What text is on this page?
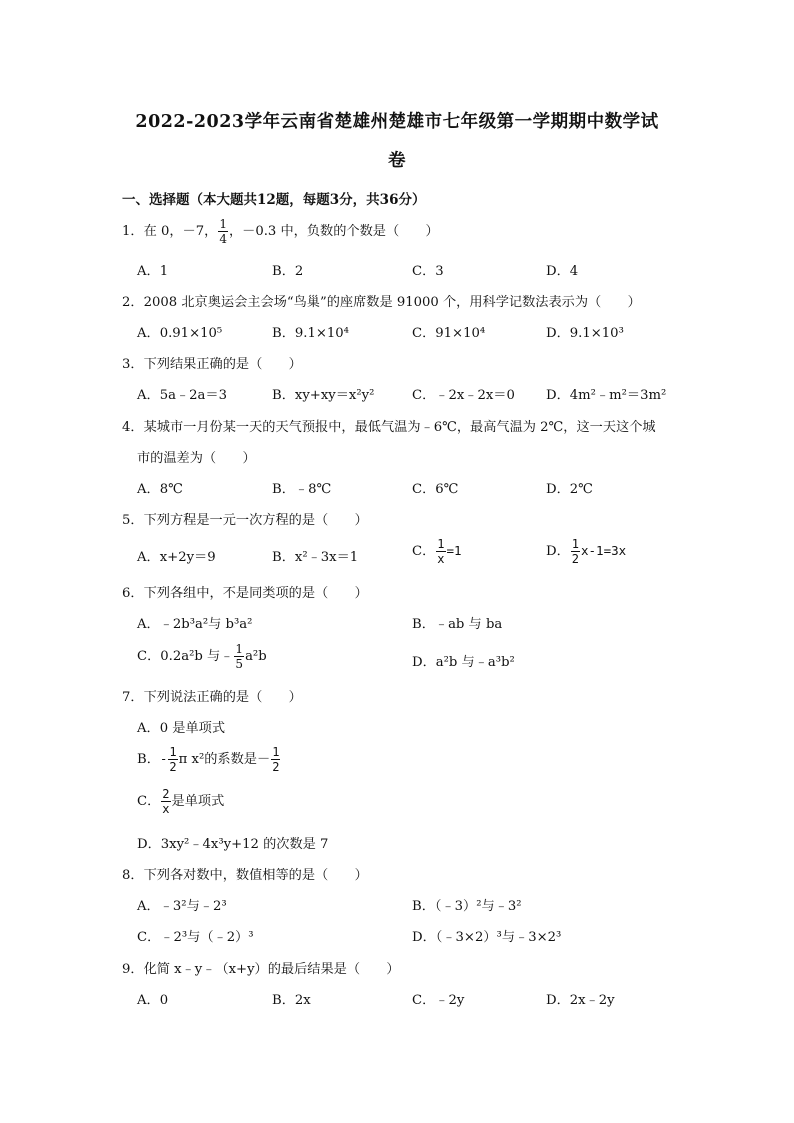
2022-2023学年云南省楚雄州楚雄市七年级第一学期期中数学试
卷
一、选择题（本大题共12题，每题3分，共36分）
1．在 0，－7， $\frac{1}{4}$ ，－0.3 中，负数的个数是（　　）
A．1	B．2	C．3	D．4
2．2008 北京奥运会主会场“鸟巢”的座席数是 91000 个，用科学记数法表示为（　　）
A．0.91×10⁵	B．9.1×10⁴	C．91×10⁴	D．9.1×10³
3．下列结果正确的是（　　）
A．5a﹣2a＝3	B．xy+xy＝x²y²	C．﹣2x﹣2x＝0 D．4m²﹣m²＝3m²
4．某城市一月份某一天的天气预报中，最低气温为﹣6℃，最高气温为 2℃，这一天这个城
市的温差为（　　）
A．8℃	B．﹣8℃	C．6℃	D．2℃
5．下列方程是一元一次方程的是（　　）
A．x+2y＝9	B．x²﹣3x＝1	C． $\frac{1}{x} =1$	D． $\frac{1}{2} x-1=3x$
6．下列各组中，不是同类项的是（　　）
A．﹣2b³a²与 b³a²	B．﹣ab 与 ba
C．0.2a²b 与﹣ $\frac{1}{5} a^2b$	D．a²b 与﹣a³b²
7．下列说法正确的是（　　）
A．0 是单项式
B．- $\frac{1}{2}$ π x²的系数是－ $\frac{1}{2}$
C． $\frac{2}{x}$ 是单项式
D．3xy²﹣4x³y+12 的次数是 7
8．下列各对数中，数值相等的是（　　）
A．﹣3²与﹣2³	B．（﹣3）²与﹣3²
C．﹣2³与（﹣2）³	D．（﹣3×2）³与﹣3×2³
9．化简 x﹣y﹣（x+y）的最后结果是（　　）
A．0	B．2x	C．﹣2y	D．2x﹣2y
